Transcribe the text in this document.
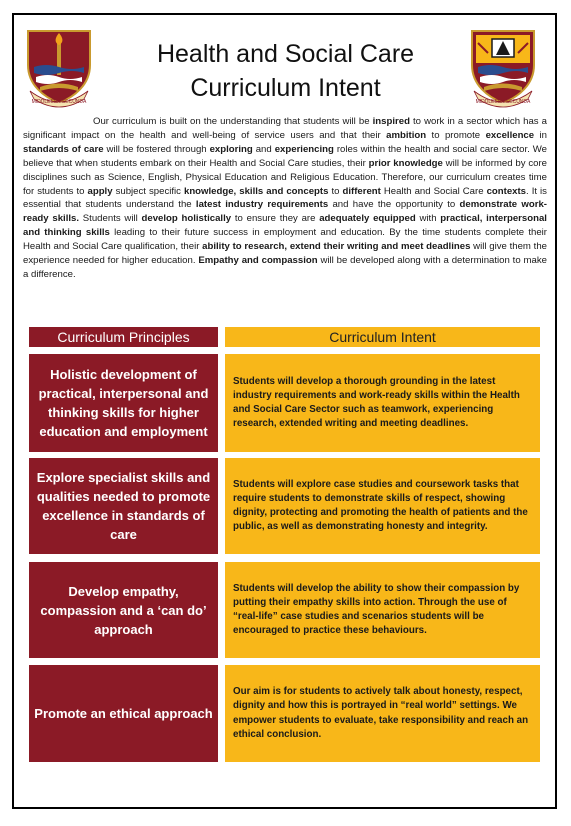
MIDDLESEX SECUNDA	MIDDLESEX SECUNDA
Health and Social Care
Curriculum Intent
Our curriculum is built on the understanding that students will be inspired to work in a sector which has a significant impact on the health and well-being of service users and that their ambition to promote excellence in standards of care will be fostered through exploring and experiencing roles within the health and social care sector. We believe that when students embark on their Health and Social Care studies, their prior knowledge will be informed by core disciplines such as Science, English, Physical Education and Religious Education. Therefore, our curriculum creates time for students to apply subject specific knowledge, skills and concepts to different Health and Social Care contexts. It is essential that students understand the latest industry requirements and have the opportunity to demonstrate work-ready skills. Students will develop holistically to ensure they are adequately equipped with practical, interpersonal and thinking skills leading to their future success in employment and education. By the time students complete their Health and Social Care qualification, their ability to research, extend their writing and meet deadlines will give them the experience needed for higher education. Empathy and compassion will be developed along with a determination to make a difference.
Curriculum Principles	Curriculum Intent
Holistic development of practical, interpersonal and thinking skills for higher education and employment
Students will develop a thorough grounding in the latest industry requirements and work-ready skills within the Health and Social Care Sector such as teamwork, experiencing research, extended writing and meeting deadlines.
Explore specialist skills and qualities needed to promote excellence in standards of care
Students will explore case studies and coursework tasks that require students to demonstrate skills of respect, showing dignity, protecting and promoting the health of patients and the public, as well as demonstrating honesty and integrity.
Develop empathy, compassion and a ‘can do’ approach
Students will develop the ability to show their compassion by putting their empathy skills into action. Through the use of “real-life” case studies and scenarios students will be encouraged to practice these behaviours.
Promote an ethical approach
Our aim is for students to actively talk about honesty, respect, dignity and how this is portrayed in “real world” settings. We empower students to evaluate, take responsibility and reach an ethical conclusion.
